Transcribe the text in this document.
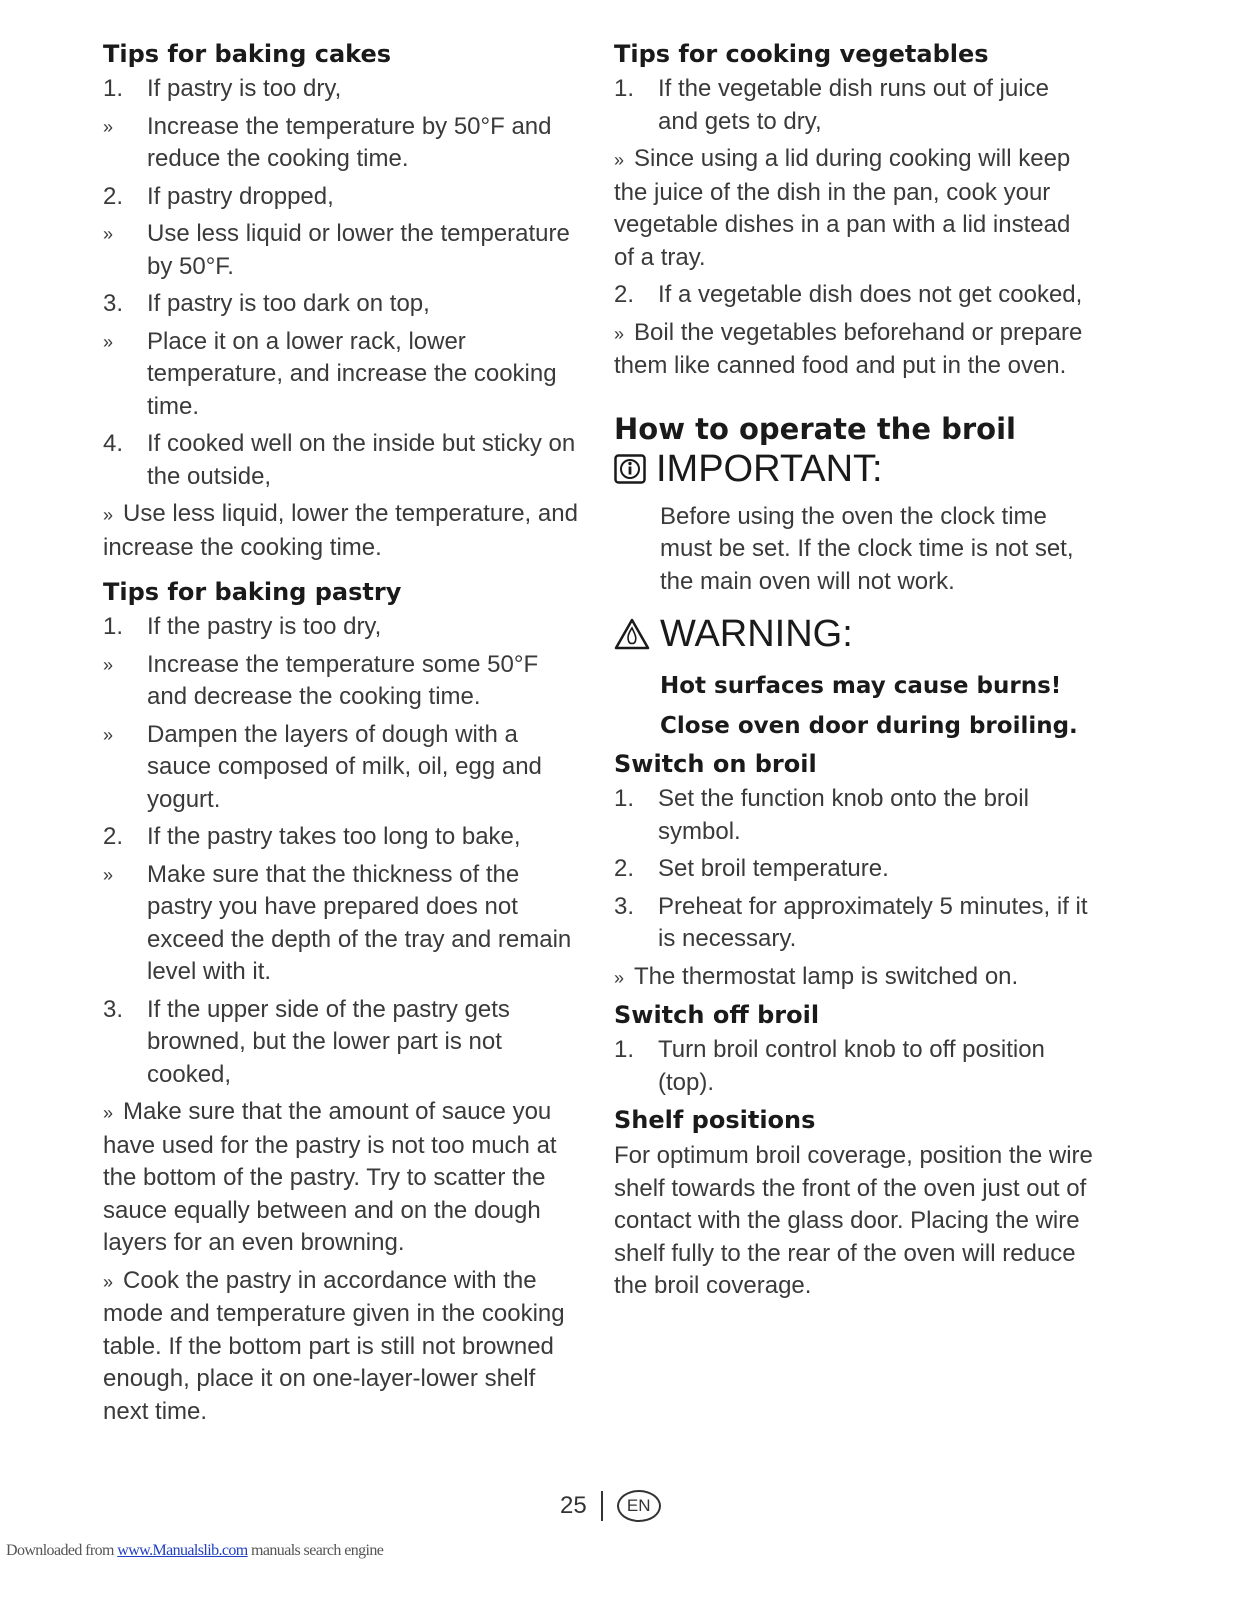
Tips for baking cakes
1. If pastry is too dry,
»	Increase the temperature by 50°F and reduce the cooking time.
2. If pastry dropped,
»	Use less liquid or lower the temperature by 50°F.
3. If pastry is too dark on top,
»	Place it on a lower rack, lower temperature, and increase the cooking time.
4. If cooked well on the inside but sticky on the outside,
» Use less liquid, lower the temperature, and increase the cooking time.
Tips for baking pastry
1. If the pastry is too dry,
»	Increase the temperature some 50°F and decrease the cooking time.
»	Dampen the layers of dough with a sauce composed of milk, oil, egg and yogurt.
2. If the pastry takes too long to bake,
»	Make sure that the thickness of the pastry you have prepared does not exceed the depth of the tray and remain level with it.
3. If the upper side of the pastry gets browned, but the lower part is not cooked,
» Make sure that the amount of sauce you have used for the pastry is not too much at the bottom of the pastry. Try to scatter the sauce equally between and on the dough layers for an even browning.
» Cook the pastry in accordance with the mode and temperature given in the cooking table. If the bottom part is still not browned enough, place it on one-layer-lower shelf next time.
Tips for cooking vegetables
1. If the vegetable dish runs out of juice and gets to dry,
» Since using a lid during cooking will keep the juice of the dish in the pan, cook your vegetable dishes in a pan with a lid instead of a tray.
2. If a vegetable dish does not get cooked,
» Boil the vegetables beforehand or prepare them like canned food and put in the oven.
How to operate the broil
IMPORTANT:
Before using the oven the clock time must be set. If the clock time is not set, the main oven will not work.
WARNING:
Hot surfaces may cause burns!
Close oven door during broiling.
Switch on broil
1. Set the function knob onto the broil symbol.
2. Set broil temperature.
3. Preheat for approximately 5 minutes, if it is necessary.
» The thermostat lamp is switched on.
Switch off broil
1. Turn broil control knob to off position (top).
Shelf positions
For optimum broil coverage, position the wire shelf towards the front of the oven just out of contact with the glass door. Placing the wire shelf fully to the rear of the oven will reduce the broil coverage.
25	EN
Downloaded from www.Manualslib.com manuals search engine
